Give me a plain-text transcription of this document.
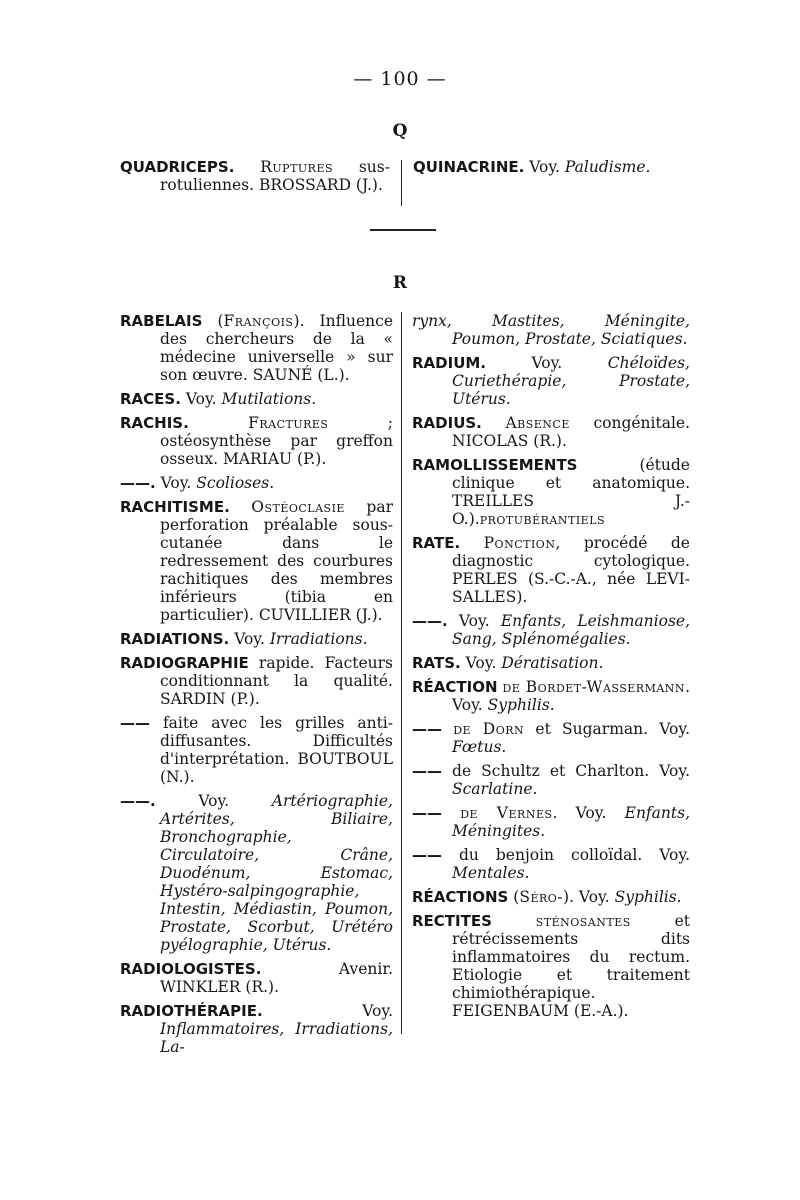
— 100 —
Q

QUADRICEPS. Ruptures sus-rotuliennes. BROSSARD (J.).

QUINACRINE. Voy. Paludisme.

R

RABELAIS (François). Influence des chercheurs de la « médecine universelle » sur son œuvre. SAUNÉ (L.).

RACES. Voy. Mutilations.

RACHIS.	Fractures ; ostéosynthèse par greffon osseux. MARIAU (P.).

——. Voy. Scolioses.

RACHITISME. Ostéoclasie par perforation préalable sous-cutanée dans le redressement des courbures rachitiques des membres inférieurs (tibia en particulier). CUVILLIER (J.).

RADIATIONS. Voy. Irradiations.

RADIOGRAPHIE rapide. Facteurs conditionnant la qualité. SARDIN (P.).

—— faite avec les grilles anti-diffusantes. Difficultés d'interprétation. BOUTBOUL (N.).

——. Voy. Artériographie, Artérites, Biliaire, Bronchographie, Circulatoire, Crâne, Duodénum, Estomac, Hystéro-salpingographie, Intestin, Médiastin, Poumon, Prostate, Scorbut, Urétéro pyélographie, Utérus.

RADIOLOGISTES. Avenir. WINKLER (R.).

RADIOTHÉRAPIE. Voy. Inflammatoires, Irradiations, La-

rynx, Mastites, Méningite, Poumon, Prostate, Sciatiques.

RADIUM. Voy. Chéloïdes, Curiethérapie, Prostate, Utérus.

RADIUS. Absence congénitale. NICOLAS (R.).

RAMOLLISSEMENTS (étude clinique et anatomique. TREILLES J.-O.).protubérantiels

RATE. Ponction, procédé de diagnostic cytologique. PERLES (S.-C.-A., née LEVI-SALLES).

——. Voy. Enfants, Leishmaniose, Sang, Splénomégalies.

RATS. Voy. Dératisation.

RÉACTION de Bordet-Wassermann. Voy. Syphilis.

—— de Dorn et Sugarman. Voy. Fœtus.

—— de Schultz et Charlton. Voy. Scarlatine.

—— de Vernes. Voy. Enfants, Méningites.

—— du benjoin colloïdal. Voy. Mentales.

RÉACTIONS (Séro-). Voy. Syphilis.

RECTITES	sténosantes et rétrécissements dits inflammatoires du rectum. Etiologie et traitement chimiothérapique. FEIGENBAUM (E.-A.).
